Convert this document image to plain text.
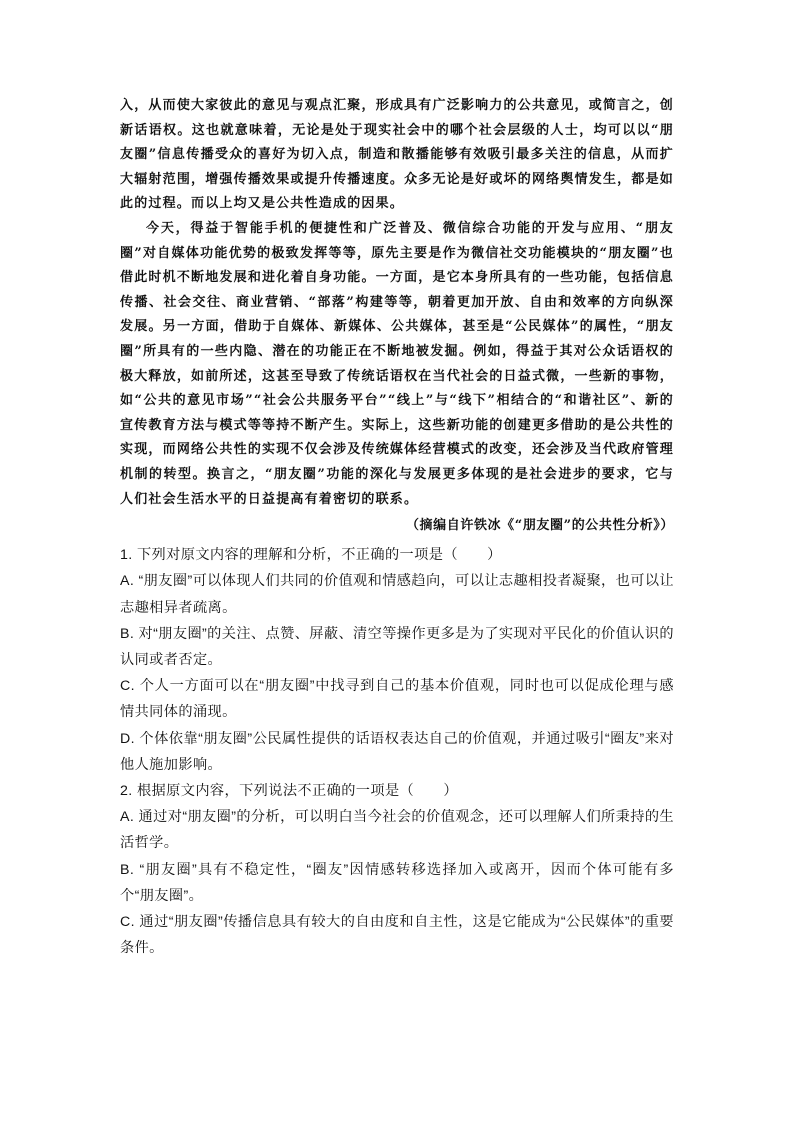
入，从而使大家彼此的意见与观点汇聚，形成具有广泛影响力的公共意见，或简言之，创新话语权。这也就意味着，无论是处于现实社会中的哪个社会层级的人士，均可以以“朋友圈”信息传播受众的喜好为切入点，制造和散播能够有效吸引最多关注的信息，从而扩大辐射范围，增强传播效果或提升传播速度。众多无论是好或坏的网络舆情发生，都是如此的过程。而以上均又是公共性造成的因果。

今天，得益于智能手机的便捷性和广泛普及、微信综合功能的开发与应用、“朋友圈”对自媒体功能优势的极致发挥等等，原先主要是作为微信社交功能模块的“朋友圈”也借此时机不断地发展和进化着自身功能。一方面，是它本身所具有的一些功能，包括信息传播、社会交往、商业营销、“部落”构建等等，朝着更加开放、自由和效率的方向纵深发展。另一方面，借助于自媒体、新媒体、公共媒体，甚至是“公民媒体”的属性，“朋友圈”所具有的一些内隐、潜在的功能正在不断地被发掘。例如，得益于其对公众话语权的极大释放，如前所述，这甚至导致了传统话语权在当代社会的日益式微，一些新的事物，如“公共的意见市场”“社会公共服务平台”“线上”与“线下”相结合的“和谐社区”、新的宣传教育方法与模式等等持不断产生。实际上，这些新功能的创建更多借助的是公共性的实现，而网络公共性的实现不仅会涉及传统媒体经营模式的改变，还会涉及当代政府管理机制的转型。换言之，“朋友圈”功能的深化与发展更多体现的是社会进步的要求，它与人们社会生活水平的日益提高有着密切的联系。

（摘编自许铁冰《“朋友圈”的公共性分析》）

1. 下列对原文内容的理解和分析，不正确的一项是（　　）

A. “朋友圈”可以体现人们共同的价值观和情感趋向，可以让志趣相投者凝聚，也可以让志趣相异者疏离。

B. 对“朋友圈”的关注、点赞、屏蔽、清空等操作更多是为了实现对平民化的价值认识的认同或者否定。

C. 个人一方面可以在“朋友圈”中找寻到自己的基本价值观，同时也可以促成伦理与感情共同体的涌现。

D. 个体依靠“朋友圈”公民属性提供的话语权表达自己的价值观，并通过吸引“圈友”来对他人施加影响。

2. 根据原文内容，下列说法不正确的一项是（　　）

A. 通过对“朋友圈”的分析，可以明白当今社会的价值观念，还可以理解人们所秉持的生活哲学。

B. “朋友圈”具有不稳定性，“圈友”因情感转移选择加入或离开，因而个体可能有多个“朋友圈”。

C. 通过“朋友圈”传播信息具有较大的自由度和自主性，这是它能成为“公民媒体”的重要条件。
